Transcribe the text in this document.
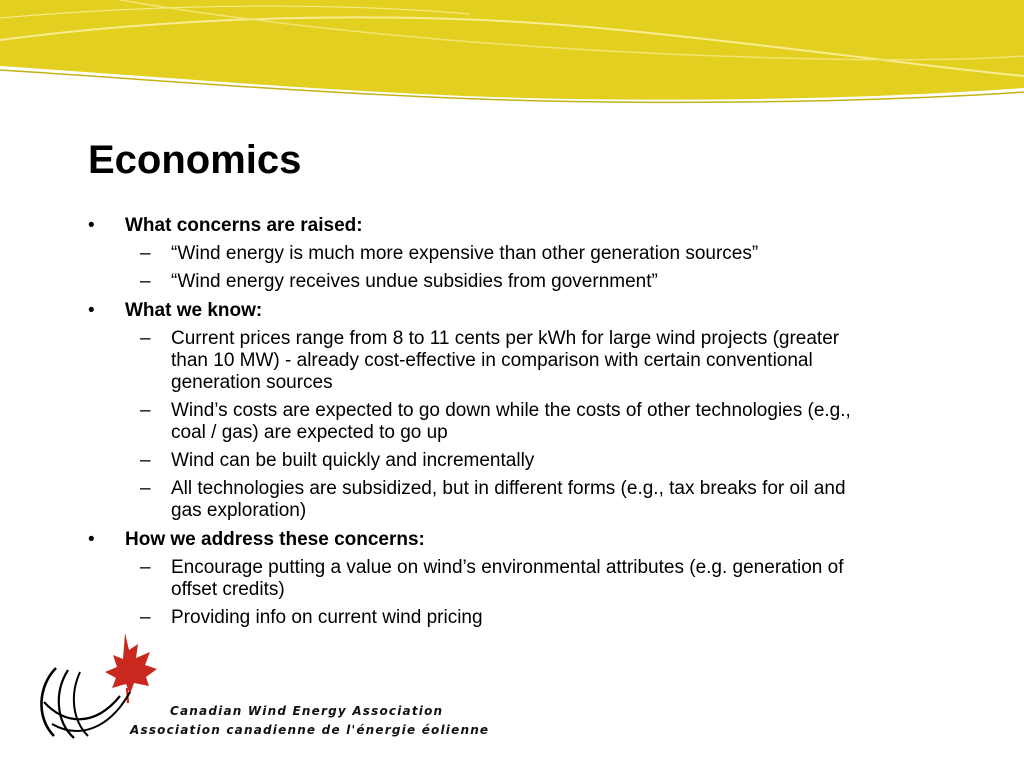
Economics
• What concerns are raised:
– “Wind energy is much more expensive than other generation sources”
– “Wind energy receives undue subsidies from government”
• What we know:
– Current prices range from 8 to 11 cents per kWh for large wind projects (greater than 10 MW) - already cost-effective in comparison with certain conventional generation sources
– Wind’s costs are expected to go down while the costs of other technologies (e.g., coal / gas) are expected to go up
– Wind can be built quickly and incrementally
– All technologies are subsidized, but in different forms (e.g., tax breaks for oil and gas exploration)
• How we address these concerns:
– Encourage putting a value on wind’s environmental attributes (e.g. generation of offset credits)
– Providing info on current wind pricing
Canadian Wind Energy Association
Association canadienne de l'énergie éolienne
